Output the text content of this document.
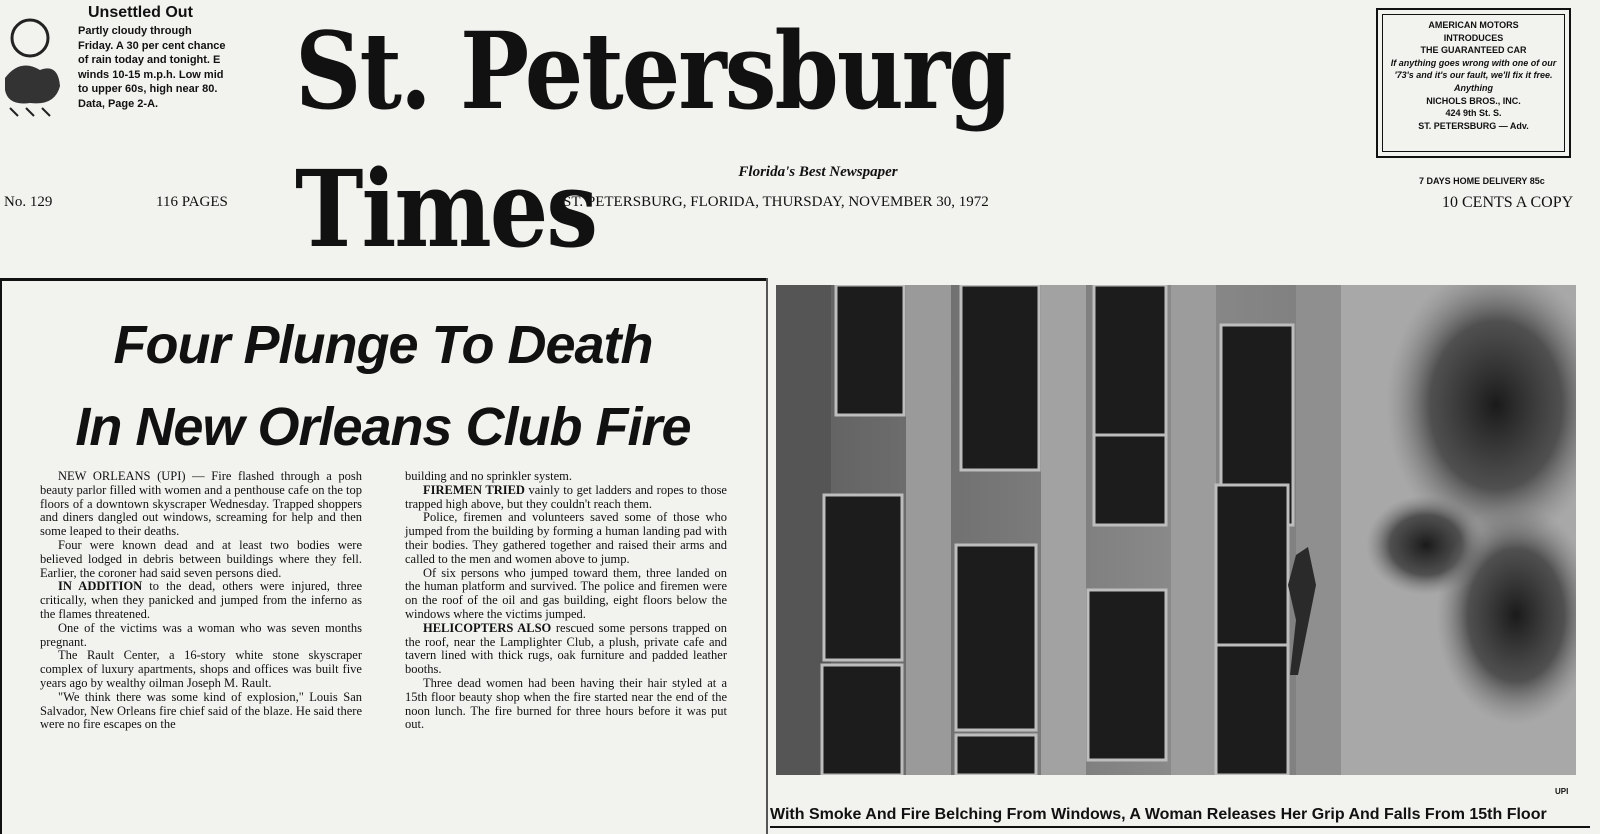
Unsettled Out
Partly cloudy through Friday. A 30 per cent chance of rain today and tonight. E winds 10-15 m.p.h. Low mid to upper 60s, high near 80. Data, Page 2-A.	St. Petersburg Times	Florida's Best Newspaper
AMERICAN MOTORS
INTRODUCES
THE GUARANTEED CAR
If anything goes wrong with one of our '73's and it's our fault, we'll fix it free.
Anything
NICHOLS BROS., INC.
424 9th St. S.
ST. PETERSBURG — Adv.
No. 129	116 PAGES	ST. PETERSBURG, FLORIDA, THURSDAY, NOVEMBER 30, 1972
7 DAYS HOME DELIVERY 85c
10 CENTS A COPY
Four Plunge To Death
In New Orleans Club Fire

NEW ORLEANS (UPI) — Fire flashed through a posh beauty parlor filled with women and a penthouse cafe on the top floors of a downtown skyscraper Wednesday. Trapped shoppers and diners dangled out windows, screaming for help and then some leaped to their deaths.

Four were known dead and at least two bodies were believed lodged in debris between buildings where they fell. Earlier, the coroner had said seven persons died.

IN ADDITION to the dead, others were injured, three critically, when they panicked and jumped from the inferno as the flames threatened.

One of the victims was a woman who was seven months pregnant.

The Rault Center, a 16-story white stone skyscraper complex of luxury apartments, shops and offices was built five years ago by wealthy oilman Joseph M. Rault.

"We think there was some kind of explosion," Louis San Salvador, New Orleans fire chief said of the blaze. He said there were no fire escapes on the

building and no sprinkler system.

FIREMEN TRIED vainly to get ladders and ropes to those trapped high above, but they couldn't reach them.

Police, firemen and volunteers saved some of those who jumped from the building by forming a human landing pad with their bodies. They gathered together and raised their arms and called to the men and women above to jump.

Of six persons who jumped toward them, three landed on the human platform and survived. The police and firemen were on the roof of the oil and gas building, eight floors below the windows where the victims jumped.

HELICOPTERS ALSO rescued some persons trapped on the roof, near the Lamplighter Club, a plush, private cafe and tavern lined with thick rugs, oak furniture and padded leather booths.

Three dead women had been having their hair styled at a 15th floor beauty shop when the fire started near the end of the noon lunch. The fire burned for three hours before it was put out.

UPI
With Smoke And Fire Belching From Windows, A Woman Releases Her Grip And Falls From 15th Floor
